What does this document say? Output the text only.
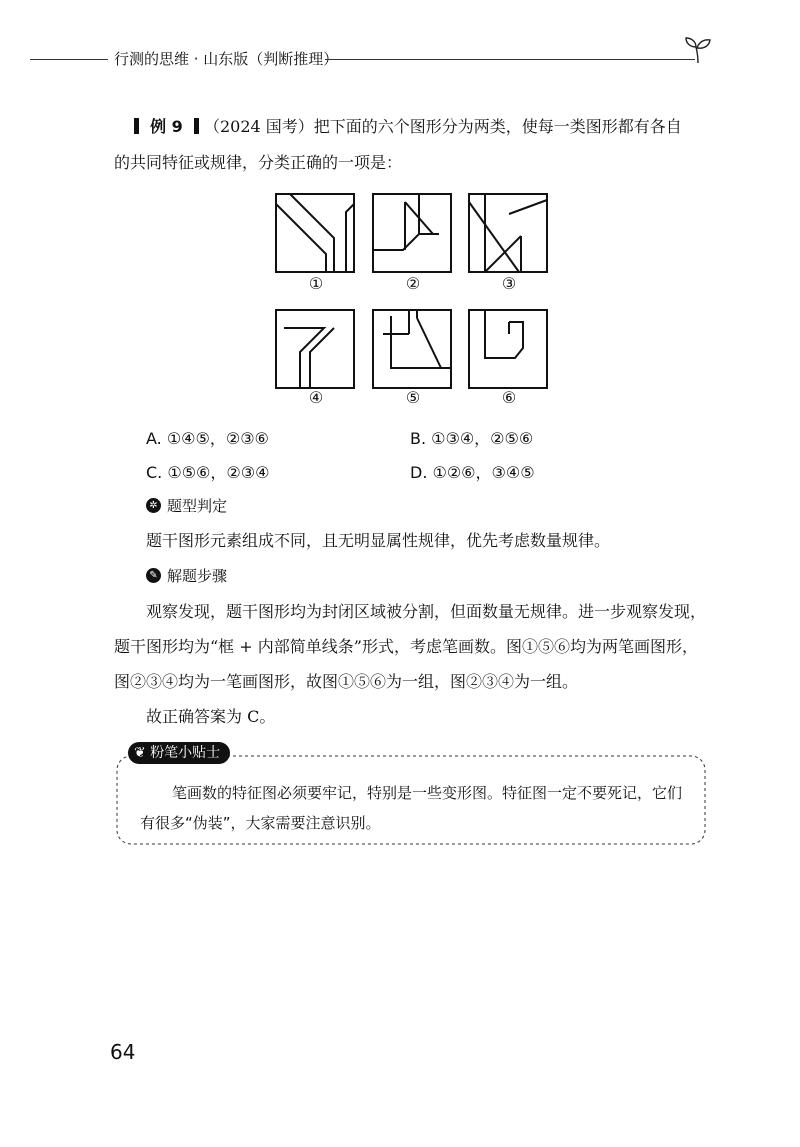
行测的思维 · 山东版（判断推理）
例 9 （2024 国考）把下面的六个图形分为两类，使每一类图形都有各自
的共同特征或规律，分类正确的一项是：
①	②	③
④	⑤	⑥
A. ①④⑤，②③⑥	B. ①③④，②⑤⑥
C. ①⑤⑥，②③④	D. ①②⑥，③④⑤
✲ 题型判定
题干图形元素组成不同，且无明显属性规律，优先考虑数量规律。
✎ 解题步骤
观察发现，题干图形均为封闭区域被分割，但面数量无规律。进一步观察发现，
题干图形均为“框 + 内部简单线条”形式，考虑笔画数。图①⑤⑥均为两笔画图形，
图②③④均为一笔画图形，故图①⑤⑥为一组，图②③④为一组。
故正确答案为 C。
❦ 粉笔小贴士
笔画数的特征图必须要牢记，特别是一些变形图。特征图一定不要死记，它们
有很多“伪装”，大家需要注意识别。
64
